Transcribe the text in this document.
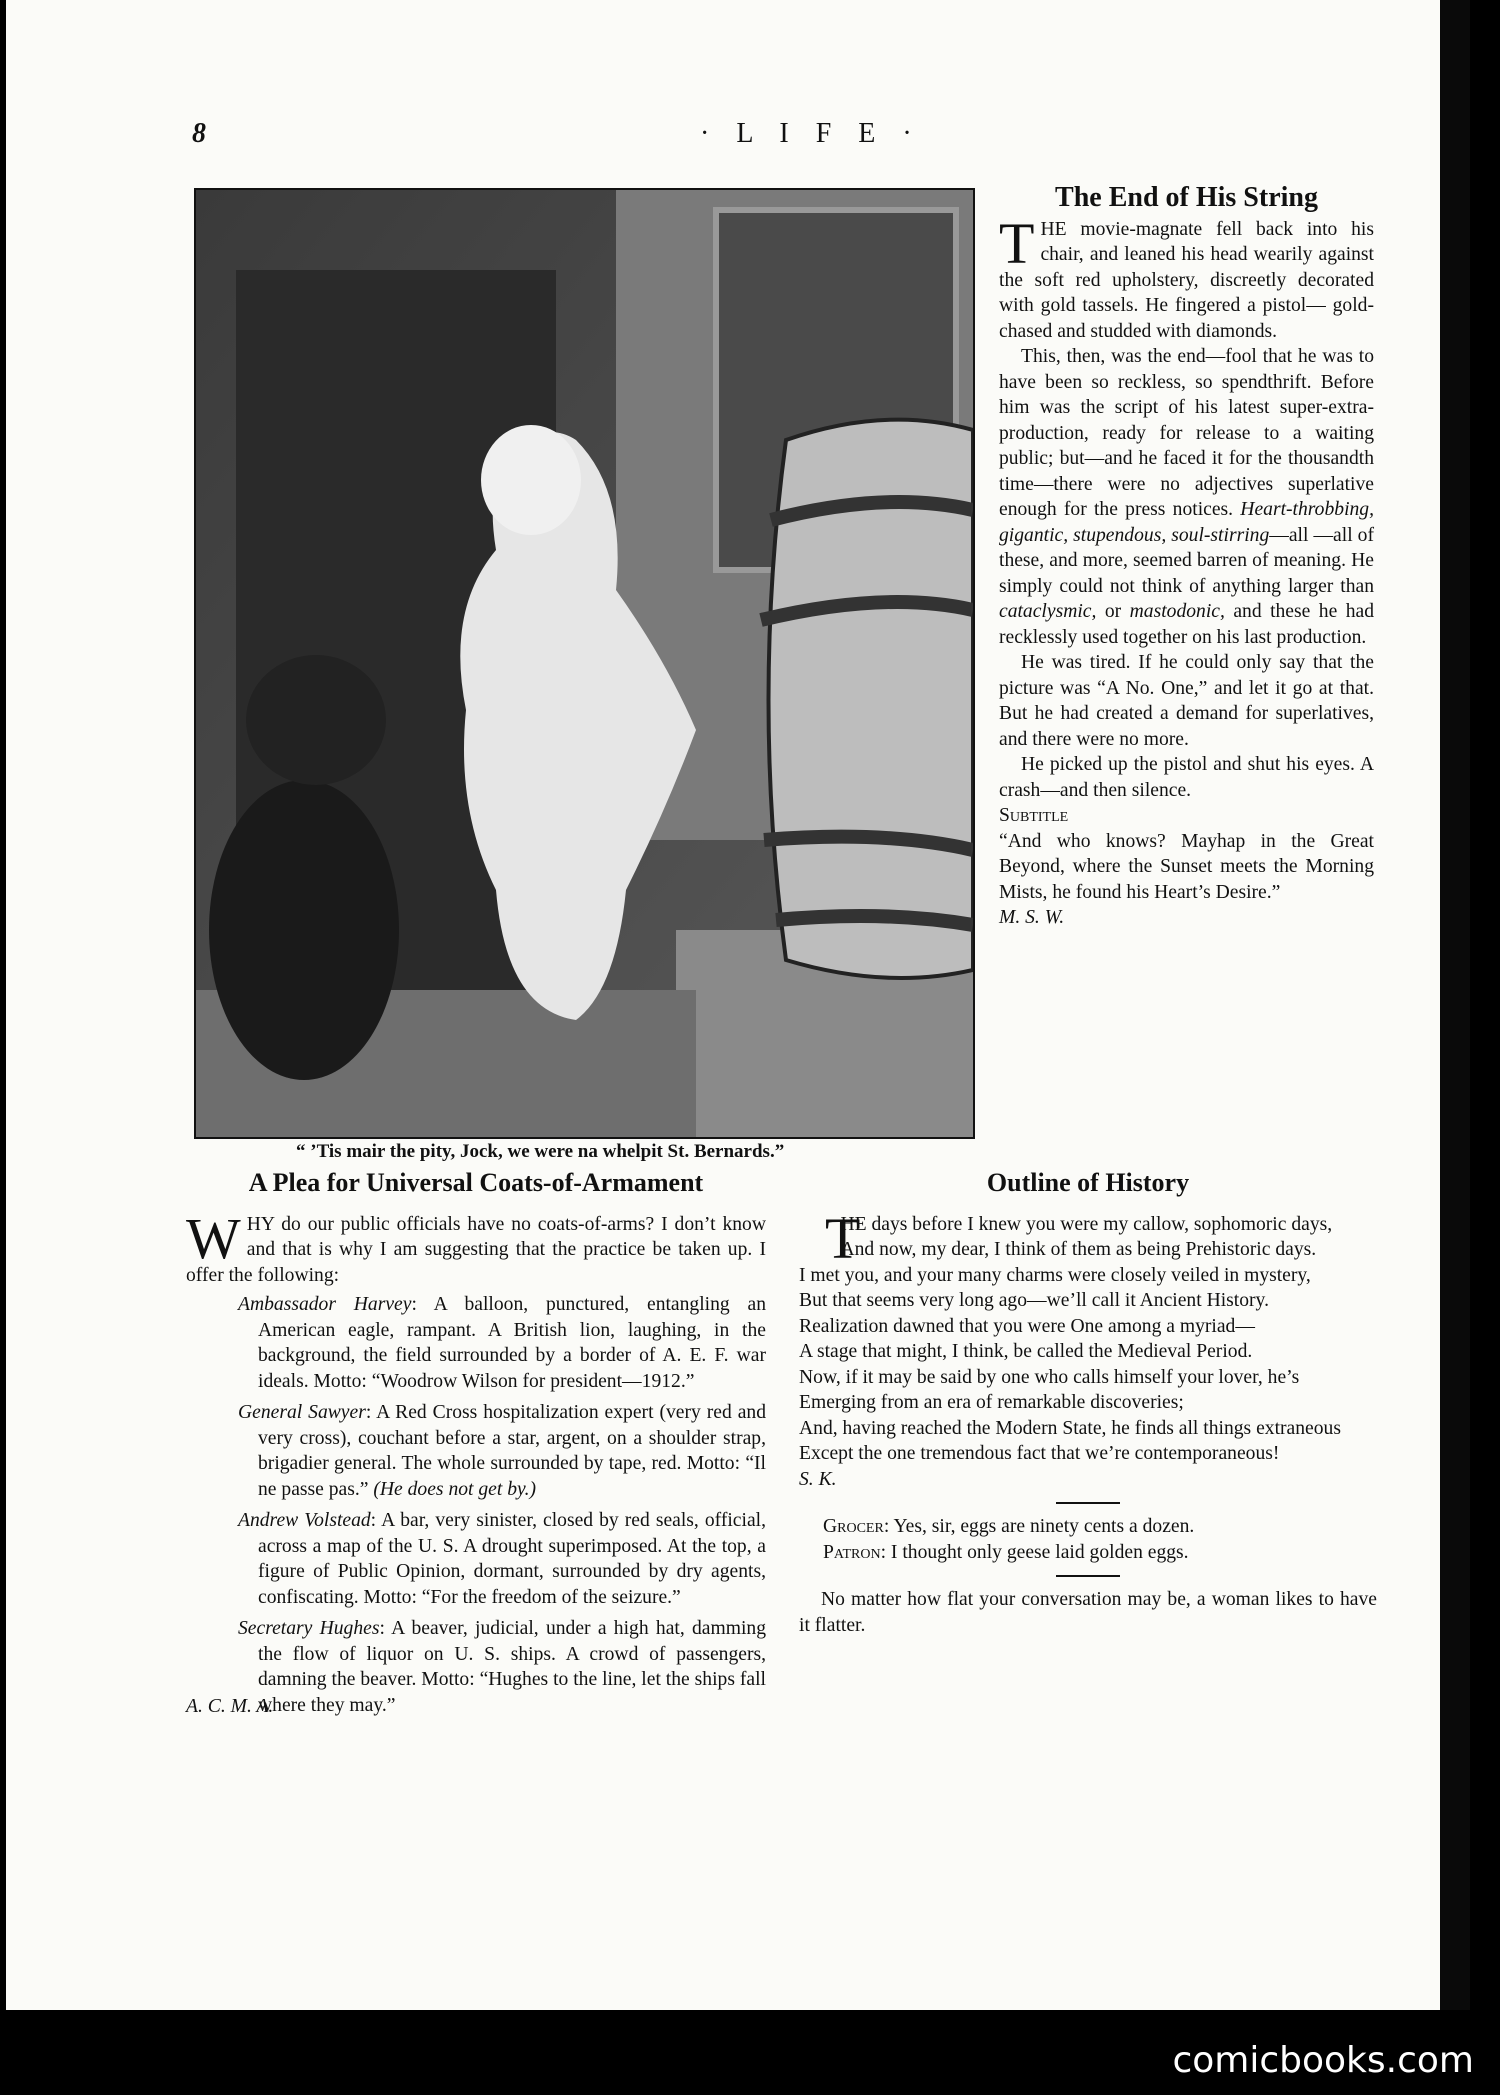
8	· L I F E ·
“ ’Tis mair the pity, Jock, we were na whelpit St. Bernards.”
The End of His String

T HE movie-magnate fell back into his chair, and leaned his head wearily against the soft red upholstery, discreetly decorated with gold tassels. He fingered a pistol— gold-chased and studded with diamonds.

This, then, was the end—fool that he was to have been so reckless, so spendthrift. Before him was the script of his latest super-extra-production, ready for release to a waiting public; but—and he faced it for the thousandth time—there were no adjectives superlative enough for the press notices. Heart-throbbing, gigantic, stupendous, soul-stirring—all —all of these, and more, seemed barren of meaning. He simply could not think of anything larger than cataclysmic, or mastodonic, and these he had recklessly used together on his last production.

He was tired. If he could only say that the picture was “A No. One,” and let it go at that. But he had created a demand for superlatives, and there were no more.

He picked up the pistol and shut his eyes. A crash—and then silence.

Subtitle

“And who knows? Mayhap in the Great Beyond, where the Sunset meets the Morning Mists, he found his Heart’s Desire.”

M. S. W.

A Plea for Universal Coats-of-Armament

W HY do our public officials have no coats-of-arms? I don’t know and that is why I am suggesting that the practice be taken up. I offer the following:

Ambassador Harvey: A balloon, punctured, entangling an American eagle, rampant. A British lion, laughing, in the background, the field surrounded by a border of A. E. F. war ideals. Motto: “Woodrow Wilson for president—1912.”
General Sawyer: A Red Cross hospitalization expert (very red and very cross), couchant before a star, argent, on a shoulder strap, brigadier general. The whole surrounded by tape, red. Motto: “Il ne passe pas.” (He does not get by.)
Andrew Volstead: A bar, very sinister, closed by red seals, official, across a map of the U. S. A drought superimposed. At the top, a figure of Public Opinion, dormant, surrounded by dry agents, confiscating. Motto: “For the freedom of the seizure.”
Secretary Hughes: A beaver, judicial, under a high hat, damming the flow of liquor on U. S. ships. A crowd of passengers, damning the beaver. Motto: “Hughes to the line, let the ships fall where they may.”

A. C. M. A.

Outline of History

T
HE days before I knew you were my callow, sophomoric days,

And now, my dear, I think of them as being Prehistoric days.

I met you, and your many charms were closely veiled in mystery,

But that seems very long ago—we’ll call it Ancient History.

Realization dawned that you were One among a myriad—

A stage that might, I think, be called the Medieval Period.

Now, if it may be said by one who calls himself your lover, he’s

Emerging from an era of remarkable discoveries;

And, having reached the Modern State, he finds all things extraneous

Except the one tremendous fact that we’re contemporaneous!

S. K.

Grocer: Yes, sir, eggs are ninety cents a dozen.

Patron: I thought only geese laid golden eggs.

No matter how flat your conversation may be, a woman likes to have it flatter.

comicbooks.com
